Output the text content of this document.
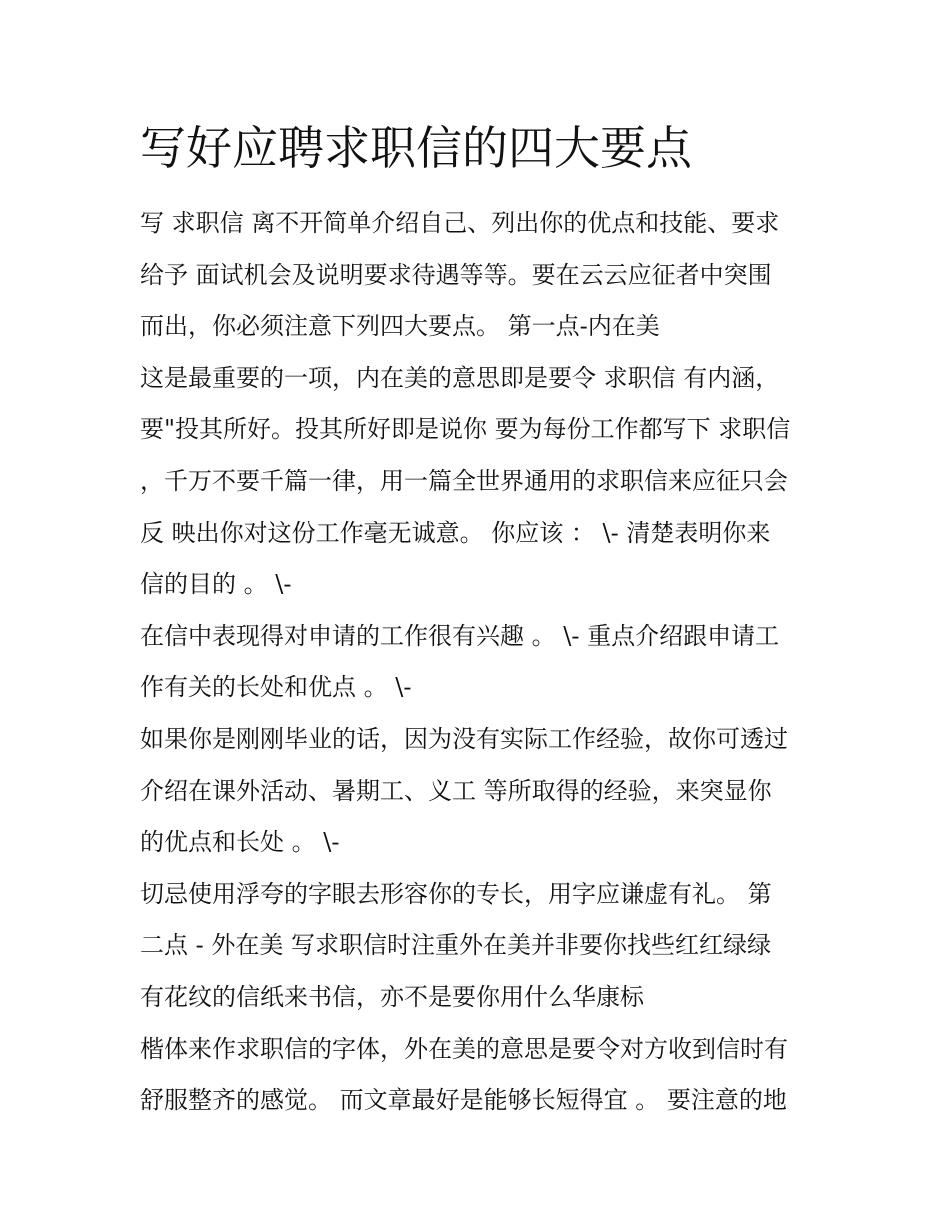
写好应聘求职信的四大要点
写 求职信 离不开简单介绍自己、列出你的优点和技能、要求
给予 面试机会及说明要求待遇等等。要在云云应征者中突围
而出，你必须注意下列四大要点。 第一点-内在美
这是最重要的一项，内在美的意思即是要令 求职信 有内涵，
要"投其所好。投其所好即是说你 要为每份工作都写下 求职信
，千万不要千篇一律，用一篇全世界通用的求职信来应征只会
反 映出你对这份工作毫无诚意。 你应该 ： \- 清楚表明你来
信的目的 。 \-
在信中表现得对申请的工作很有兴趣 。 \- 重点介绍跟申请工
作有关的长处和优点 。 \-
如果你是刚刚毕业的话，因为没有实际工作经验，故你可透过
介绍在课外活动、暑期工、义工 等所取得的经验，来突显你
的优点和长处 。 \-
切忌使用浮夸的字眼去形容你的专长，用字应谦虚有礼。 第
二点 - 外在美 写求职信时注重外在美并非要你找些红红绿绿
有花纹的信纸来书信，亦不是要你用什么华康标
楷体来作求职信的字体，外在美的意思是要令对方收到信时有
舒服整齐的感觉。 而文章最好是能够长短得宜 。 要注意的地
